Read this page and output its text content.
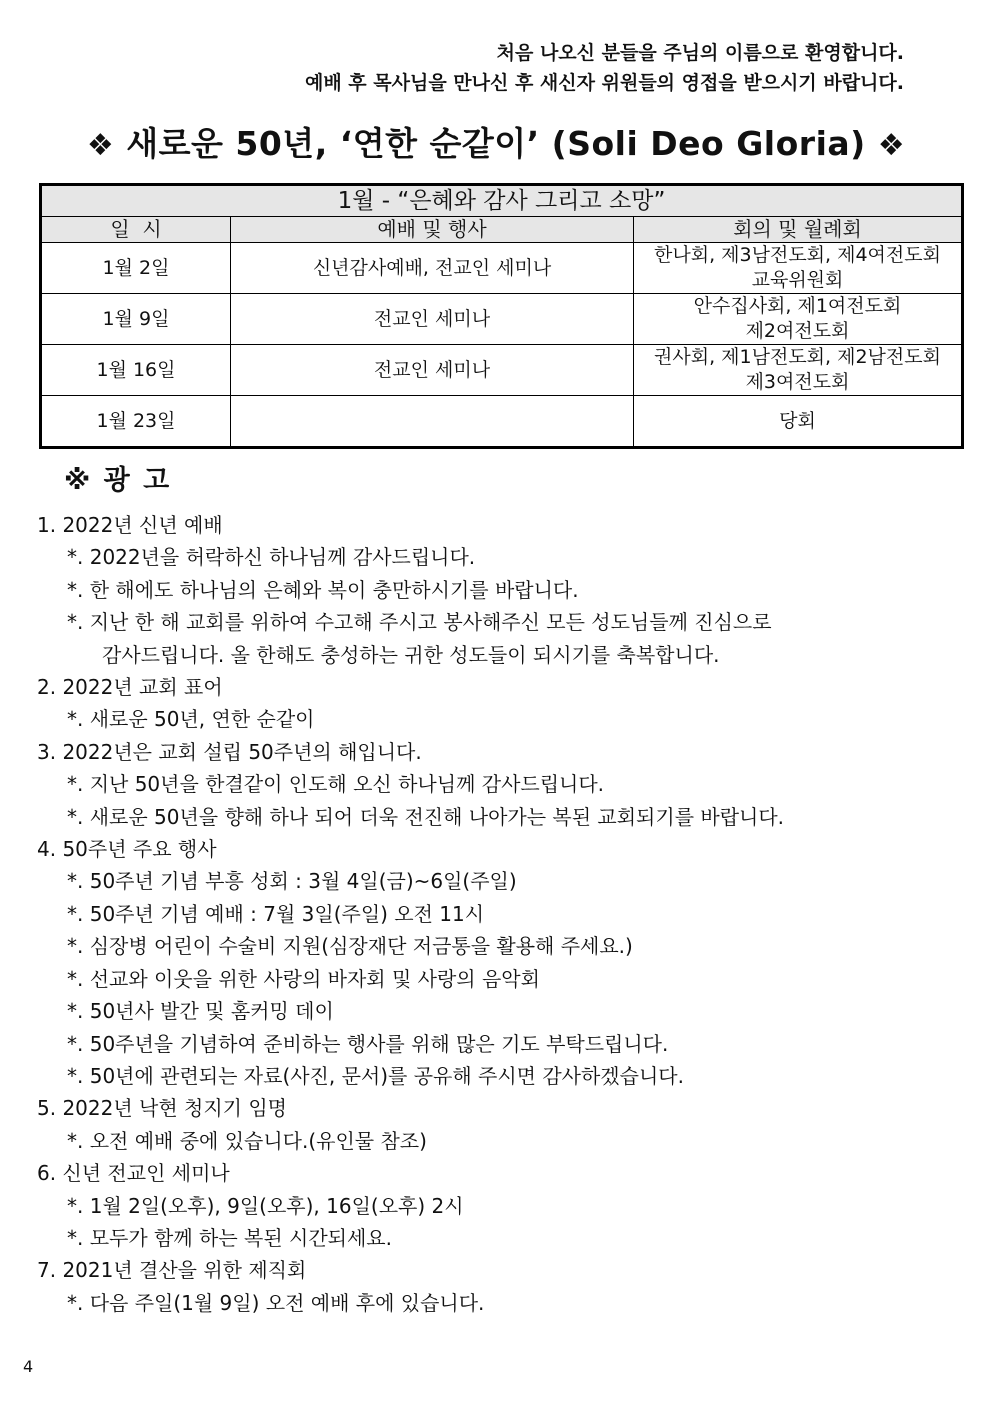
처음 나오신 분들을 주님의 이름으로 환영합니다.
예배 후 목사님을 만나신 후 새신자 위원들의 영접을 받으시기 바랍니다.
❖ 새로운 50년, ‘연한 순같이’ (Soli Deo Gloria) ❖
1월 - “은혜와 감사 그리고 소망”		
일  시	예배 및 행사	회의 및 월례회
1월 2일	신년감사예배, 전교인 세미나	한나회, 제3남전도회, 제4여전도회
교육위원회

1월 9일	전교인 세미나	안수집사회, 제1여전도회
제2여전도회

1월 16일	전교인 세미나	권사회, 제1남전도회, 제2남전도회
제3여전도회

1월 23일		당회
※ 광 고
1. 2022년 신년 예배
*. 2022년을 허락하신 하나님께 감사드립니다.
*. 한 해에도 하나님의 은혜와 복이 충만하시기를 바랍니다.
*. 지난 한 해 교회를 위하여 수고해 주시고 봉사해주신 모든 성도님들께 진심으로
감사드립니다. 올 한해도 충성하는 귀한 성도들이 되시기를 축복합니다.
2. 2022년 교회 표어
*. 새로운 50년, 연한 순같이
3. 2022년은 교회 설립 50주년의 해입니다.
*. 지난 50년을 한결같이 인도해 오신 하나님께 감사드립니다.
*. 새로운 50년을 향해 하나 되어 더욱 전진해 나아가는 복된 교회되기를 바랍니다.
4. 50주년 주요 행사
*. 50주년 기념 부흥 성회 : 3월 4일(금)~6일(주일)
*. 50주년 기념 예배 : 7월 3일(주일) 오전 11시
*. 심장병 어린이 수술비 지원(심장재단 저금통을 활용해 주세요.)
*. 선교와 이웃을 위한 사랑의 바자회 및 사랑의 음악회
*. 50년사 발간 및 홈커밍 데이
*. 50주년을 기념하여 준비하는 행사를 위해 많은 기도 부탁드립니다.
*. 50년에 관련되는 자료(사진, 문서)를 공유해 주시면 감사하겠습니다.
5. 2022년 낙현 청지기 임명
*. 오전 예배 중에 있습니다.(유인물 참조)
6. 신년 전교인 세미나
*. 1월 2일(오후), 9일(오후), 16일(오후) 2시
*. 모두가 함께 하는 복된 시간되세요.
7. 2021년 결산을 위한 제직회
*. 다음 주일(1월 9일) 오전 예배 후에 있습니다.
4
